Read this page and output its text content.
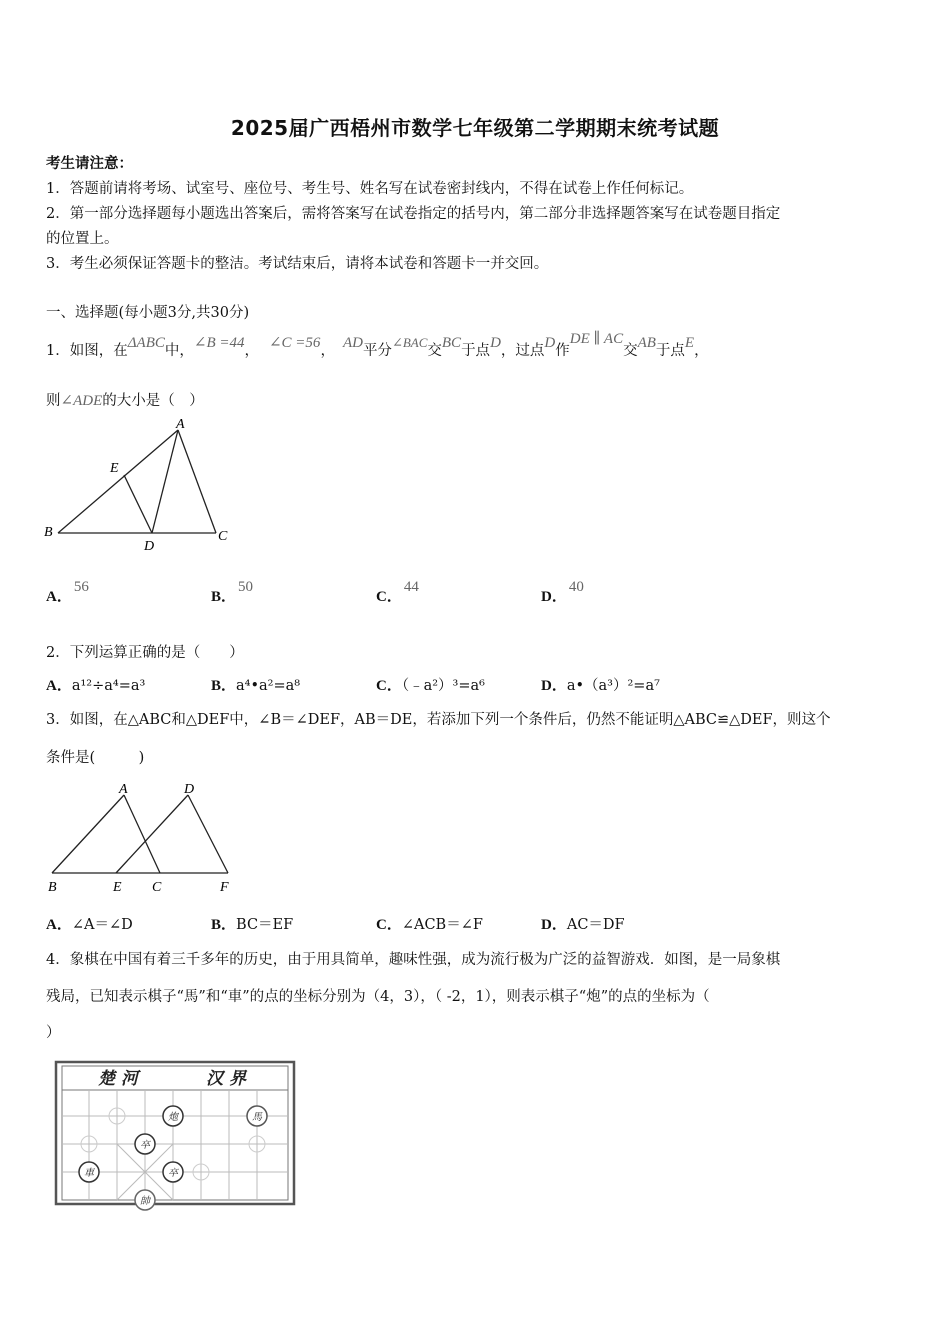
2025届广西梧州市数学七年级第二学期期末统考试题
考生请注意：
1．答题前请将考场、试室号、座位号、考生号、姓名写在试卷密封线内，不得在试卷上作任何标记。
2．第一部分选择题每小题选出答案后，需将答案写在试卷指定的括号内，第二部分非选择题答案写在试卷题目指定
的位置上。
3．考生必须保证答题卡的整洁。考试结束后，请将本试卷和答题卡一并交回。
一、选择题(每小题3分,共30分)
1．如图，在ΔABC中，∠B =44， ∠C =56， AD平分∠BAC交BC于点D，过点D作DE ∥ AC交AB于点E，
则∠ADE的大小是（　）
A
E
B
D
C
A．56
B．50
C．44
D．40
2．下列运算正确的是（　　）
A．a¹²÷a⁴=a³	B．a⁴•a²=a⁸	C．（﹣a²）³=a⁶	D．a•（a³）²=a⁷
3．如图，在△ABC和△DEF中，∠B＝∠DEF，AB＝DE，若添加下列一个条件后，仍然不能证明△ABC≌△DEF，则这个
条件是(　　　)
A	D
B	E C	F
A．∠A＝∠D	B．BC＝EF	C．∠ACB＝∠F	D．AC＝DF
4．象棋在中国有着三千多年的历史，由于用具简单，趣味性强，成为流行极为广泛的益智游戏．如图，是一局象棋
残局，已知表示棋子“馬”和“車”的点的坐标分别为（4，3），（ -2，1），则表示棋子“炮”的点的坐标为（
）
楚河	汉界
炮	馬
卒
車	卒
帥
